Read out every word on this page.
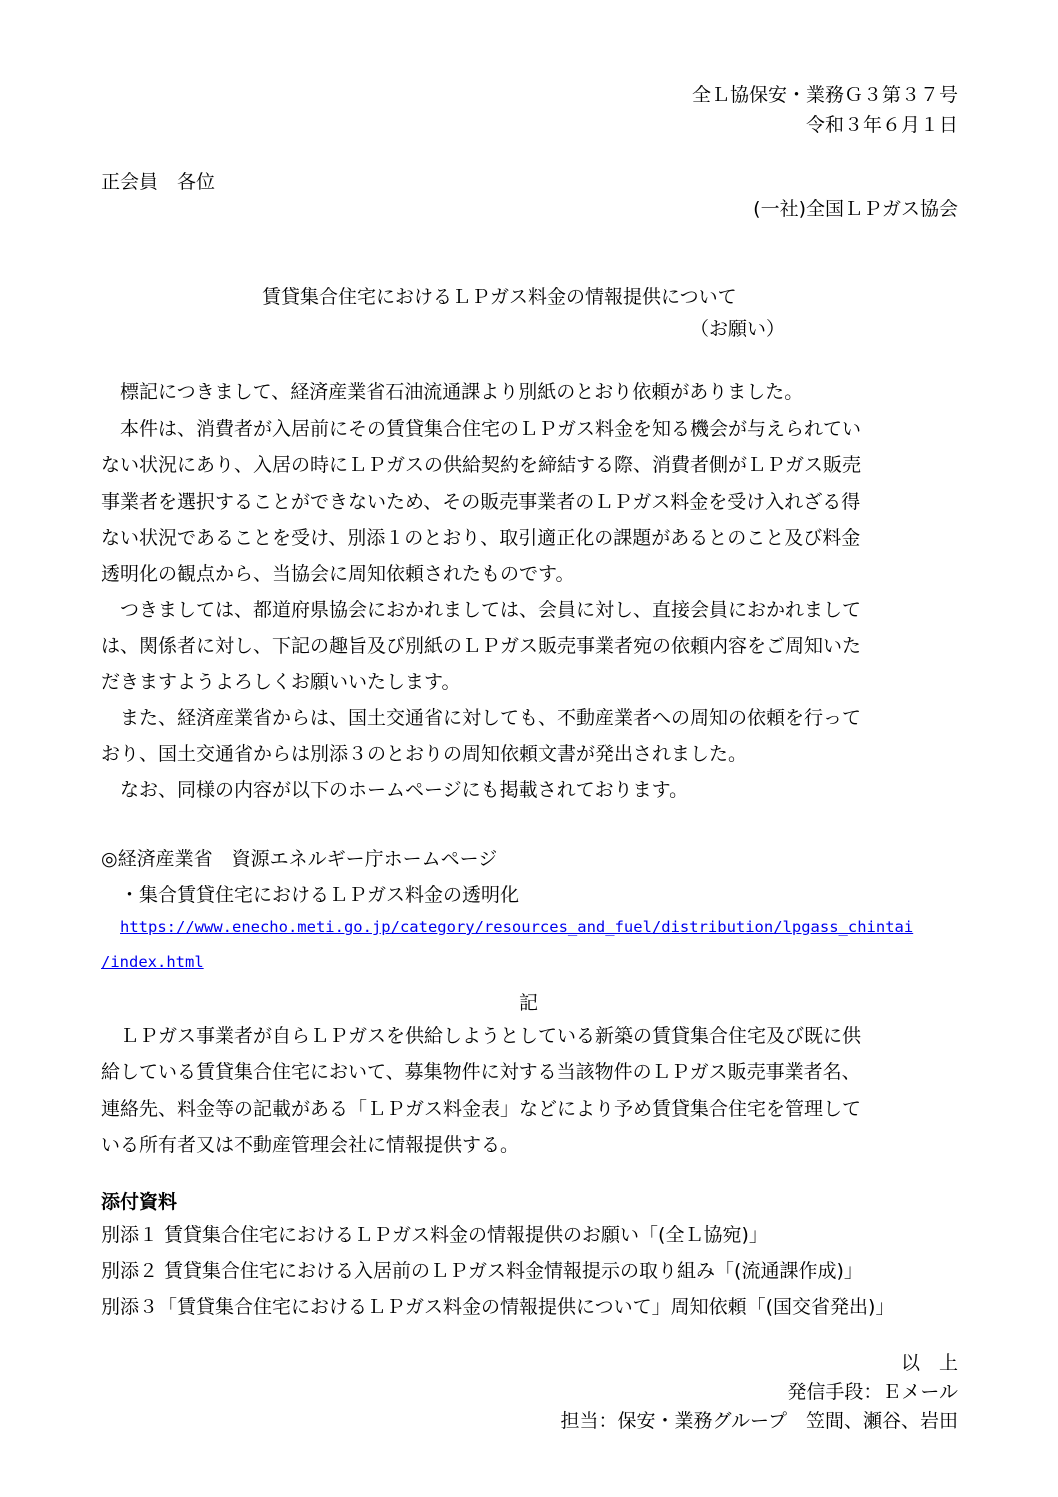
全Ｌ協保安・業務Ｇ３第３７号
令和３年６月１日
正会員　各位
(一社)全国ＬＰガス協会
賃貸集合住宅におけるＬＰガス料金の情報提供について
（お願い）
　標記につきまして、経済産業省石油流通課より別紙のとおり依頼がありました。
　本件は、消費者が入居前にその賃貸集合住宅のＬＰガス料金を知る機会が与えられてい
ない状況にあり、入居の時にＬＰガスの供給契約を締結する際、消費者側がＬＰガス販売
事業者を選択することができないため、その販売事業者のＬＰガス料金を受け入れざる得
ない状況であることを受け、別添１のとおり、取引適正化の課題があるとのこと及び料金
透明化の観点から、当協会に周知依頼されたものです。
　つきましては、都道府県協会におかれましては、会員に対し、直接会員におかれまして
は、関係者に対し、下記の趣旨及び別紙のＬＰガス販売事業者宛の依頼内容をご周知いた
だきますようよろしくお願いいたします。
　また、経済産業省からは、国土交通省に対しても、不動産業者への周知の依頼を行って
おり、国土交通省からは別添３のとおりの周知依頼文書が発出されました。
　なお、同様の内容が以下のホームページにも掲載されております。
◎経済産業省　資源エネルギー庁ホームページ
　・集合賃貸住宅におけるＬＰガス料金の透明化
https://www.enecho.meti.go.jp/category/resources_and_fuel/distribution/lpgass_chintai
/index.html
記
　ＬＰガス事業者が自らＬＰガスを供給しようとしている新築の賃貸集合住宅及び既に供
給している賃貸集合住宅において、募集物件に対する当該物件のＬＰガス販売事業者名、
連絡先、料金等の記載がある「ＬＰガス料金表」などにより予め賃貸集合住宅を管理して
いる所有者又は不動産管理会社に情報提供する。
添付資料
別添１ 賃貸集合住宅におけるＬＰガス料金の情報提供のお願い「(全Ｌ協宛)」
別添２ 賃貸集合住宅における入居前のＬＰガス料金情報提示の取り組み「(流通課作成)」
別添３「賃貸集合住宅におけるＬＰガス料金の情報提供について」周知依頼「(国交省発出)」
以　上
発信手段：Ｅメール
担当：保安・業務グループ　笠間、瀬谷、岩田
